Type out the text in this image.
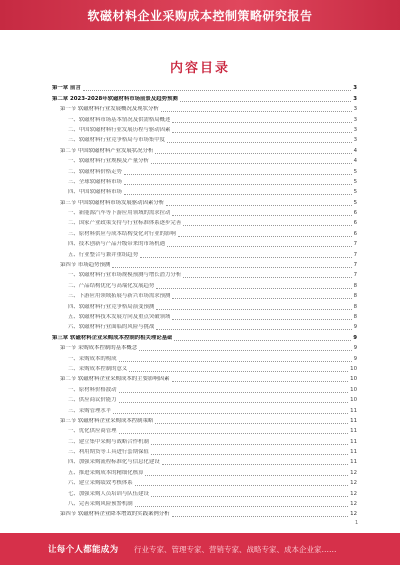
软磁材料企业采购成本控制策略研究报告
内容目录
第一章 前言	3
第二章 2023-2028年软磁材料市场前景及趋势预测	3
第一节 软磁材料行业发展概况及现状分析	3
一、软磁材料市场基本情况及供需格局概述	3
二、中国软磁材料行业发展历程与驱动因素	3
三、软磁材料行业竞争格局与市场集中度	3
第二节 中国软磁材料产业发展状况分析	4
一、软磁材料行业规模及产量分析	4
二、软磁材料价格走势	5
三、全球软磁材料市场	5
四、中国软磁材料市场	5
第三节 中国软磁材料市场发展驱动因素分析	5
一、新能源汽车等下游应用领域的需求拉动	6
二、国家产业政策支持与行业标准体系逐步完善	6
三、原材料供应与成本结构变化对行业的影响	6
四、技术创新与产品升级带来的市场机遇	7
五、行业整合与兼并重组趋势	7
第四节 市场趋势预测	7
一、软磁材料行业市场规模预测与增长潜力分析	7
二、产品结构优化与高端化发展趋势	8
三、下游应用领域拓展与新兴市场需求预测	8
四、软磁材料行业竞争格局演变预测	8
五、软磁材料技术发展方向及重点突破领域	8
六、软磁材料行业面临的风险与挑战	9
第三章 软磁材料企业采购成本控制的相关理论基础	9
第一节 采购成本控制的基本概念	9
一、采购成本的构成	9
二、采购成本控制的意义	10
第二节 软磁材料企业采购成本的主要影响因素	10
一、原材料价格波动	10
二、供应商议价能力	10
三、采购管理水平	11
第三节 软磁材料企业采购成本控制策略	11
一、优化供应商管理	11
二、建立集中采购与战略合作机制	11
三、利用期货等工具进行套期保值	11
四、加强采购流程标准化与信息化建设	11
五、推进采购成本的精细化核算	12
六、建立采购绩效考核体系	12
七、加强采购人员培训与队伍建设	12
八、完善采购风险预警机制	12
第四节 软磁材料企业降本增效的实践案例分析	12
1
让每个人都能成为 行业专家、管理专家、营销专家、战略专家、成本企业家……
